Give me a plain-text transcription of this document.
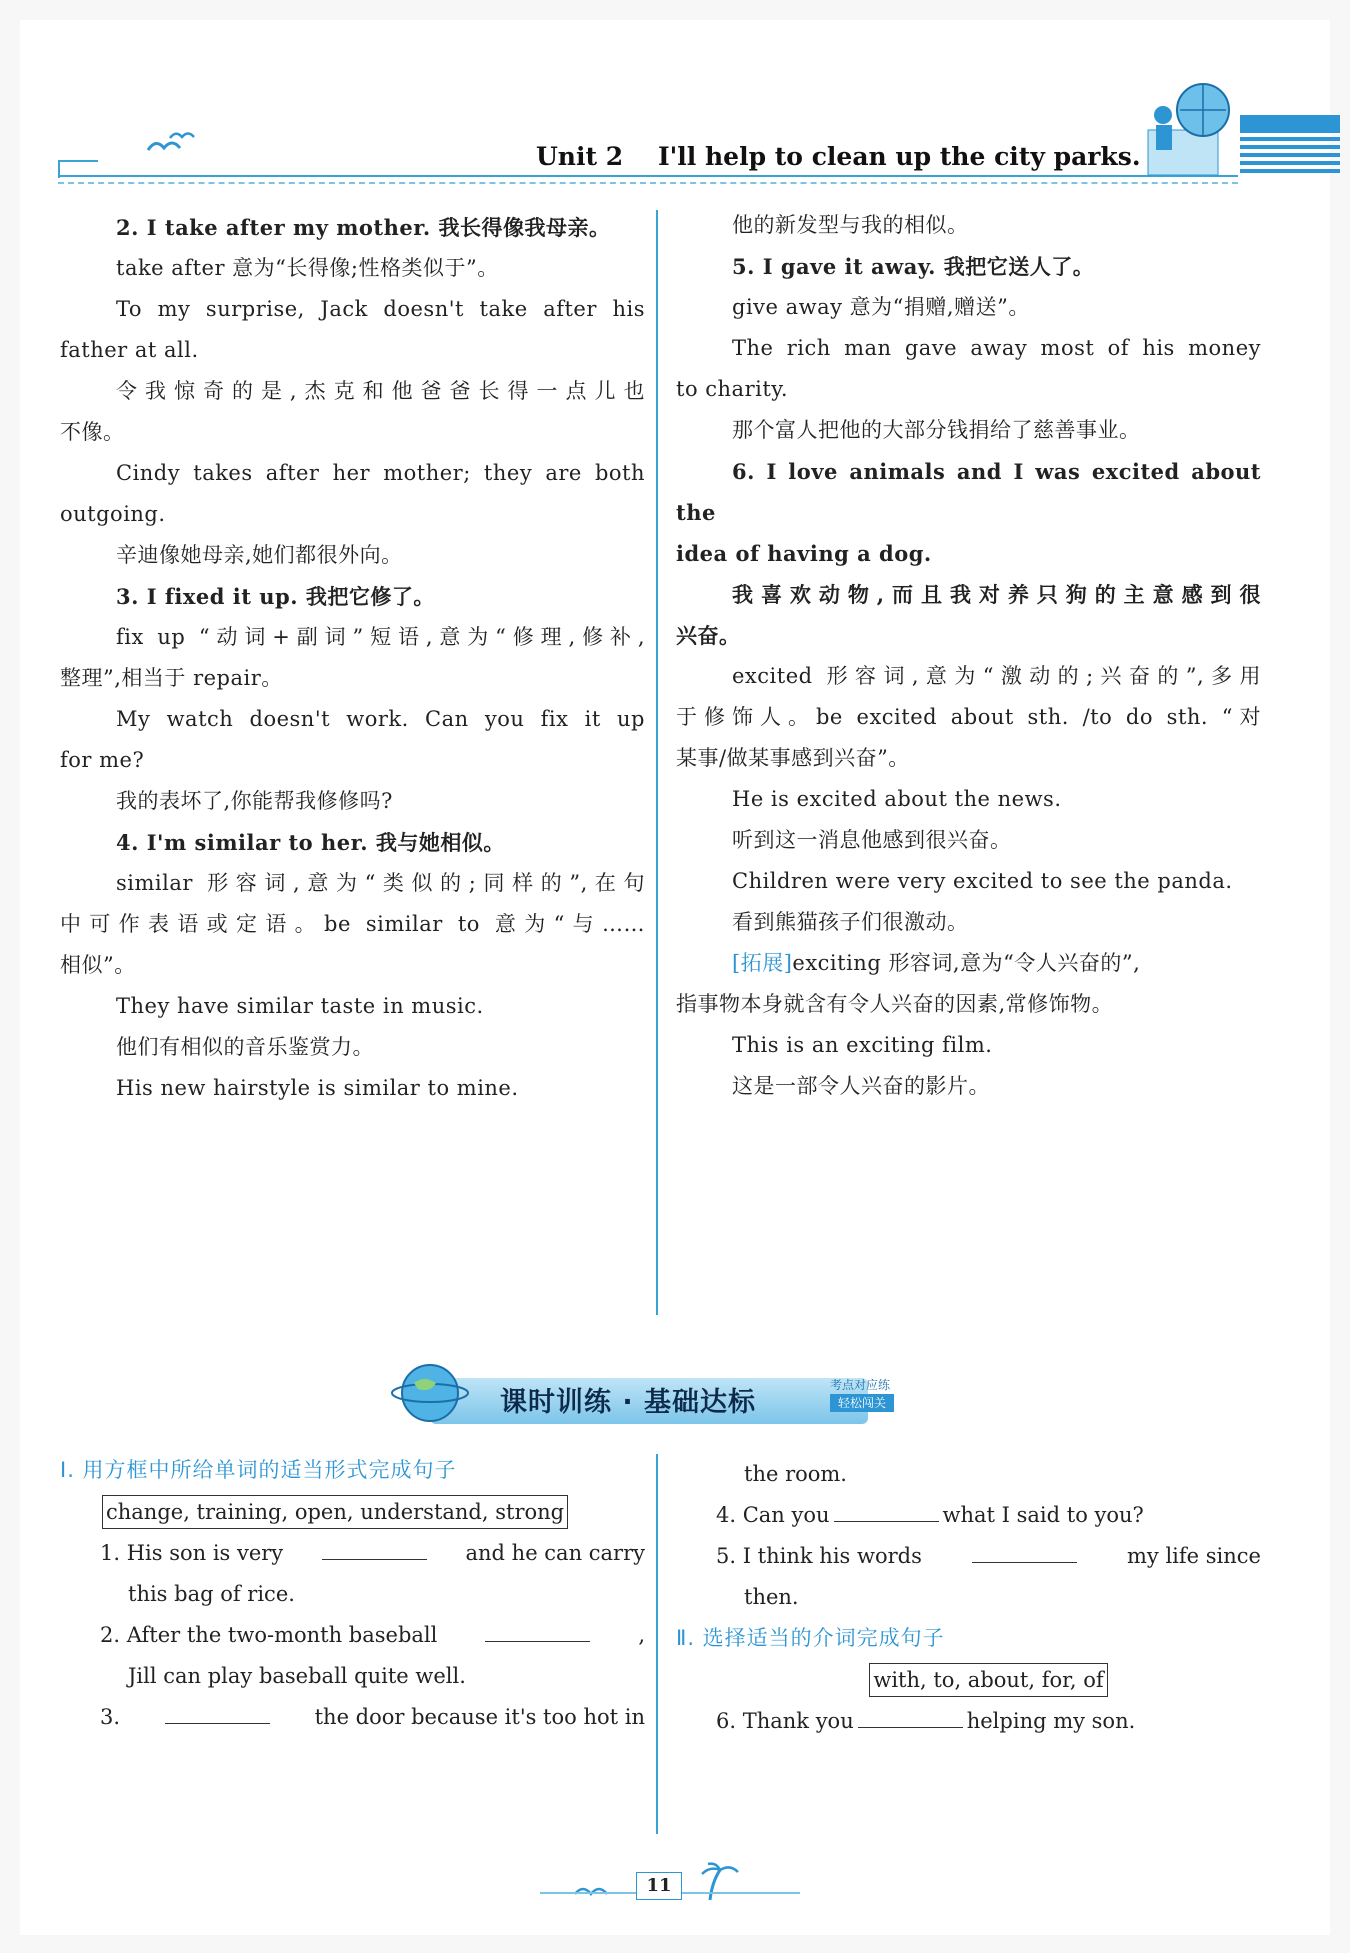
Unit 2 I'll help to clean up the city parks.

2. I take after my mother. 我长得像我母亲。

take after 意为“长得像;性格类似于”。

To my surprise, Jack doesn't take after his

father at all.

令我惊奇的是,杰克和他爸爸长得一点儿也

不像。

Cindy takes after her mother; they are both

outgoing.

辛迪像她母亲,她们都很外向。

3. I fixed it up. 我把它修了。

fix up “动词+副词”短语,意为“修理,修补,

整理”,相当于 repair。

My watch doesn't work. Can you fix it up

for me?

我的表坏了,你能帮我修修吗?

4. I'm similar to her. 我与她相似。

similar 形容词,意为“类似的;同样的”,在句

中可作表语或定语。be similar to 意为“与……

相似”。

They have similar taste in music.

他们有相似的音乐鉴赏力。

His new hairstyle is similar to mine.

他的新发型与我的相似。

5. I gave it away. 我把它送人了。

give away 意为“捐赠,赠送”。

The rich man gave away most of his money

to charity.

那个富人把他的大部分钱捐给了慈善事业。

6. I love animals and I was excited about the

idea of having a dog.

我喜欢动物,而且我对养只狗的主意感到很

兴奋。

excited 形容词,意为“激动的;兴奋的”,多用

于修饰人。be excited about sth. /to do sth. “对

某事/做某事感到兴奋”。

He is excited about the news.

听到这一消息他感到很兴奋。

Children were very excited to see the panda.

看到熊猫孩子们很激动。

[拓展]exciting 形容词,意为“令人兴奋的”,

指事物本身就含有令人兴奋的因素,常修饰物。

This is an exciting film.

这是一部令人兴奋的影片。

课时训练 · 基础达标
考点对应练
轻松闯关
Ⅰ. 用方框中所给单词的适当形式完成句子
change, training, open, understand, strong
1. His son is very	and he can carry
this bag of rice.
2. After the two-month baseball	,
Jill can play baseball quite well.
3.	the door because it's too hot in
the room.
4. Can you	what I said to you?
5. I think his words	my life since
then.
Ⅱ. 选择适当的介词完成句子
with, to, about, for, of
6. Thank you	helping my son.
11
